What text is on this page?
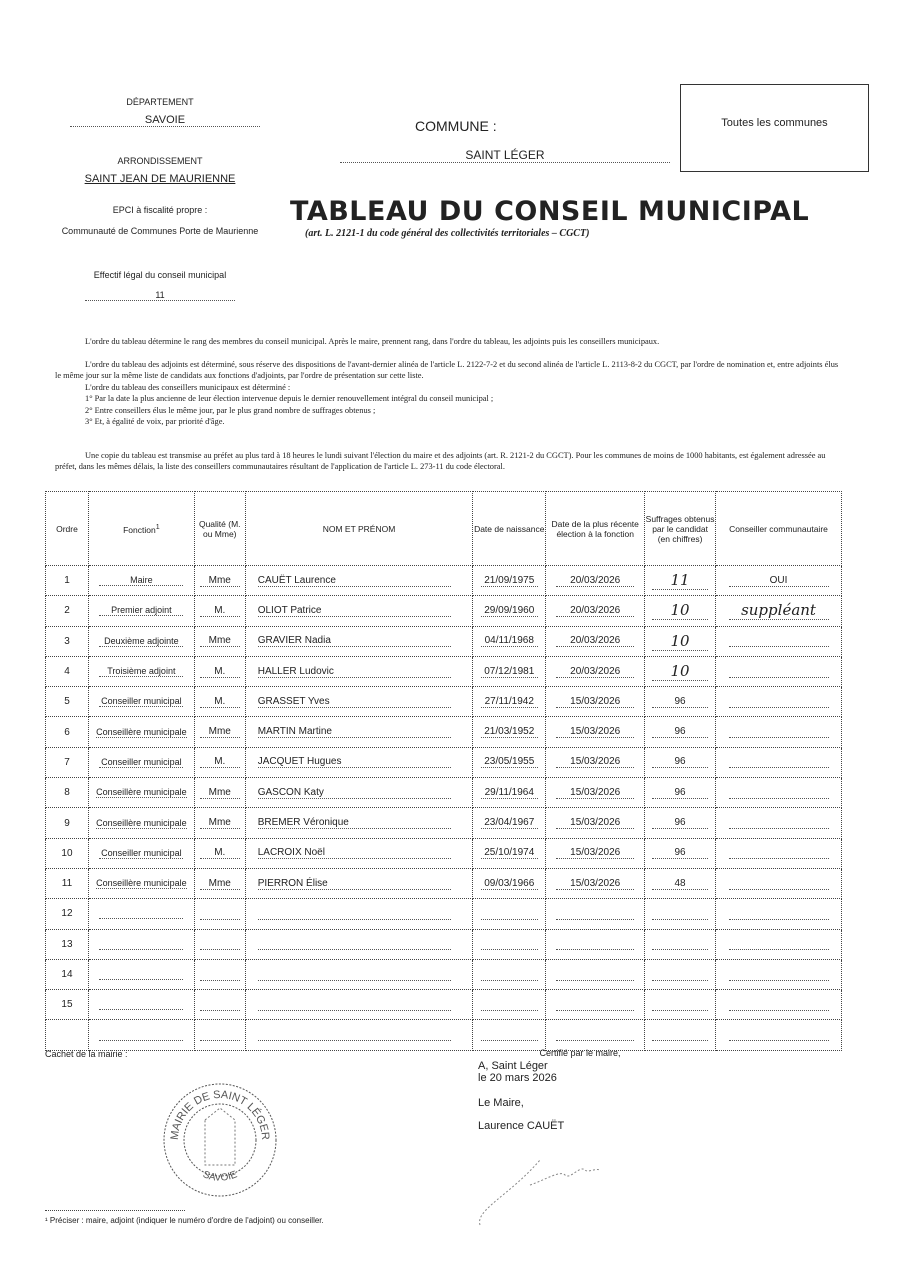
DÉPARTEMENT
SAVOIE
ARRONDISSEMENT
SAINT JEAN DE MAURIENNE
EPCI à fiscalité propre :
Communauté de Communes Porte de Maurienne
Effectif légal du conseil municipal
11
COMMUNE :
SAINT LÉGER
Toutes les communes
TABLEAU DU CONSEIL MUNICIPAL
(art. L. 2121-1 du code général des collectivités territoriales – CGCT)
L'ordre du tableau détermine le rang des membres du conseil municipal. Après le maire, prennent rang, dans l'ordre du tableau, les adjoints puis les conseillers municipaux.
L'ordre du tableau des adjoints est déterminé, sous réserve des dispositions de l'avant-dernier alinéa de l'article L. 2122-7-2 et du second alinéa de l'article L. 2113-8-2 du CGCT, par l'ordre de nomination et, entre adjoints élus le même jour sur la même liste de candidats aux fonctions d'adjoints, par l'ordre de présentation sur cette liste.
L'ordre du tableau des conseillers municipaux est déterminé :
1° Par la date la plus ancienne de leur élection intervenue depuis le dernier renouvellement intégral du conseil municipal ;
2° Entre conseillers élus le même jour, par le plus grand nombre de suffrages obtenus ;
3° Et, à égalité de voix, par priorité d'âge.
Une copie du tableau est transmise au préfet au plus tard à 18 heures le lundi suivant l'élection du maire et des adjoints (art. R. 2121-2 du CGCT). Pour les communes de moins de 1000 habitants, est également adressée au préfet, dans les mêmes délais, la liste des conseillers communautaires résultant de l'application de l'article L. 273-11 du code électoral.
Ordre	Fonction$^1$	Qualité (M. ou Mme)	NOM ET PRÉNOM	Date de naissance	Date de la plus récente élection à la fonction	Suffrages obtenus par le candidat (en chiffres)	Conseiller communautaire
1	Maire	Mme	CAUËT Laurence	21/09/1975	20/03/2026	11	OUI
2	Premier adjoint	M.	OLIOT Patrice	29/09/1960	20/03/2026	10	suppléant
3	Deuxième adjointe	Mme	GRAVIER Nadia	04/11/1968	20/03/2026	10	
4	Troisième adjoint	M.	HALLER Ludovic	07/12/1981	20/03/2026	10	
5	Conseiller municipal	M.	GRASSET Yves	27/11/1942	15/03/2026	96	
6	Conseillère municipale	Mme	MARTIN Martine	21/03/1952	15/03/2026	96	
7	Conseiller municipal	M.	JACQUET Hugues	23/05/1955	15/03/2026	96	
8	Conseillère municipale	Mme	GASCON Katy	29/11/1964	15/03/2026	96	
9	Conseillère municipale	Mme	BREMER Véronique	23/04/1967	15/03/2026	96	
10	Conseiller municipal	M.	LACROIX Noël	25/10/1974	15/03/2026	96	
11	Conseillère municipale	Mme	PIERRON Élise	09/03/1966	15/03/2026	48	
12							
13							
14							
15							

Cachet de la mairie :
MAIRIE DE SAINT LÉGER
SAVOIE
Certifié par le maire,
A, Saint Léger
le 20 mars 2026
Le Maire,
Laurence CAUËT
¹ Préciser : maire, adjoint (indiquer le numéro d'ordre de l'adjoint) ou conseiller.
